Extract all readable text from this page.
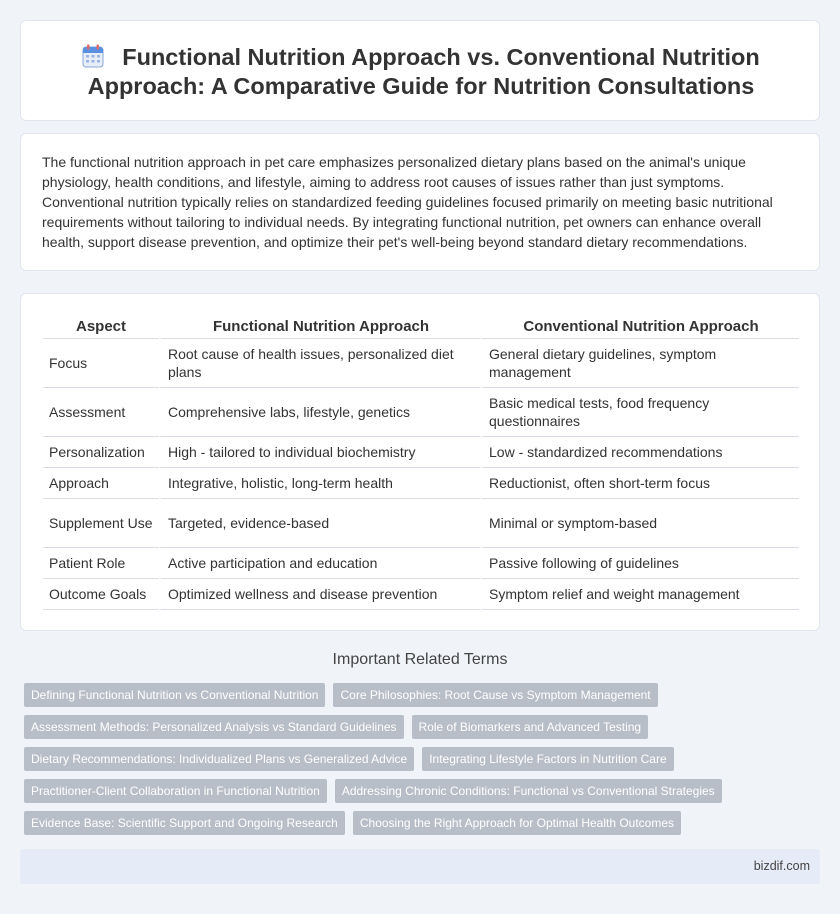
Functional Nutrition Approach vs. Conventional Nutrition Approach: A Comparative Guide for Nutrition Consultations

The functional nutrition approach in pet care emphasizes personalized dietary plans based on the animal's unique physiology, health conditions, and lifestyle, aiming to address root causes of issues rather than just symptoms. Conventional nutrition typically relies on standardized feeding guidelines focused primarily on meeting basic nutritional requirements without tailoring to individual needs. By integrating functional nutrition, pet owners can enhance overall health, support disease prevention, and optimize their pet's well-being beyond standard dietary recommendations.

Aspect	Functional Nutrition Approach	Conventional Nutrition Approach
Focus	Root cause of health issues, personalized diet plans	General dietary guidelines, symptom management
Assessment	Comprehensive labs, lifestyle, genetics	Basic medical tests, food frequency questionnaires
Personalization	High - tailored to individual biochemistry	Low - standardized recommendations
Approach	Integrative, holistic, long-term health	Reductionist, often short-term focus
Supplement Use	Targeted, evidence-based	Minimal or symptom-based
Patient Role	Active participation and education	Passive following of guidelines
Outcome Goals	Optimized wellness and disease prevention	Symptom relief and weight management
Important Related Terms
Defining Functional Nutrition vs Conventional Nutrition	Core Philosophies: Root Cause vs Symptom Management
Assessment Methods: Personalized Analysis vs Standard Guidelines	Role of Biomarkers and Advanced Testing
Dietary Recommendations: Individualized Plans vs Generalized Advice	Integrating Lifestyle Factors in Nutrition Care
Practitioner-Client Collaboration in Functional Nutrition	Addressing Chronic Conditions: Functional vs Conventional Strategies
Evidence Base: Scientific Support and Ongoing Research	Choosing the Right Approach for Optimal Health Outcomes
bizdif.com
